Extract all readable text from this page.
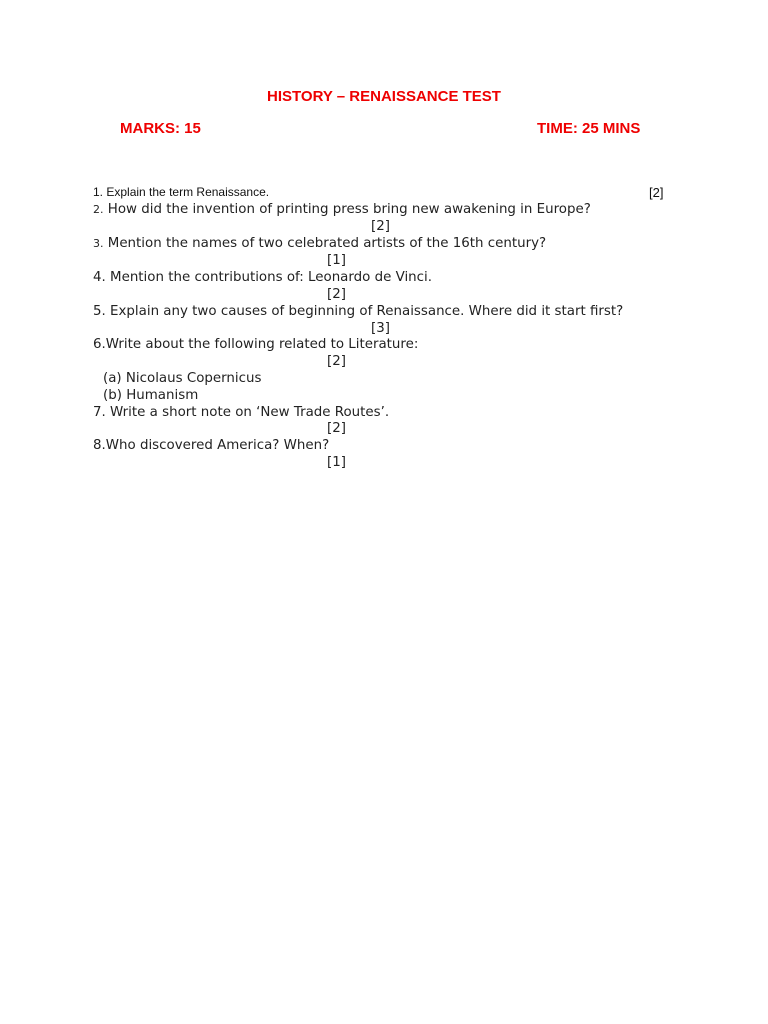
HISTORY – RENAISSANCE TEST
MARKS: 15	TIME: 25 MINS
1. Explain the term Renaissance.	[2]
2. How did the invention of printing press bring new awakening in Europe?
[2]
3. Mention the names of two celebrated artists of the 16th century?
[1]
4. Mention the contributions of: Leonardo de Vinci.
[2]
5. Explain any two causes of beginning of Renaissance. Where did it start first?
[3]
6.Write about the following related to Literature:
[2]
(a) Nicolaus Copernicus
(b) Humanism
7. Write a short note on ‘New Trade Routes’.
[2]
8.Who discovered America? When?
[1]
